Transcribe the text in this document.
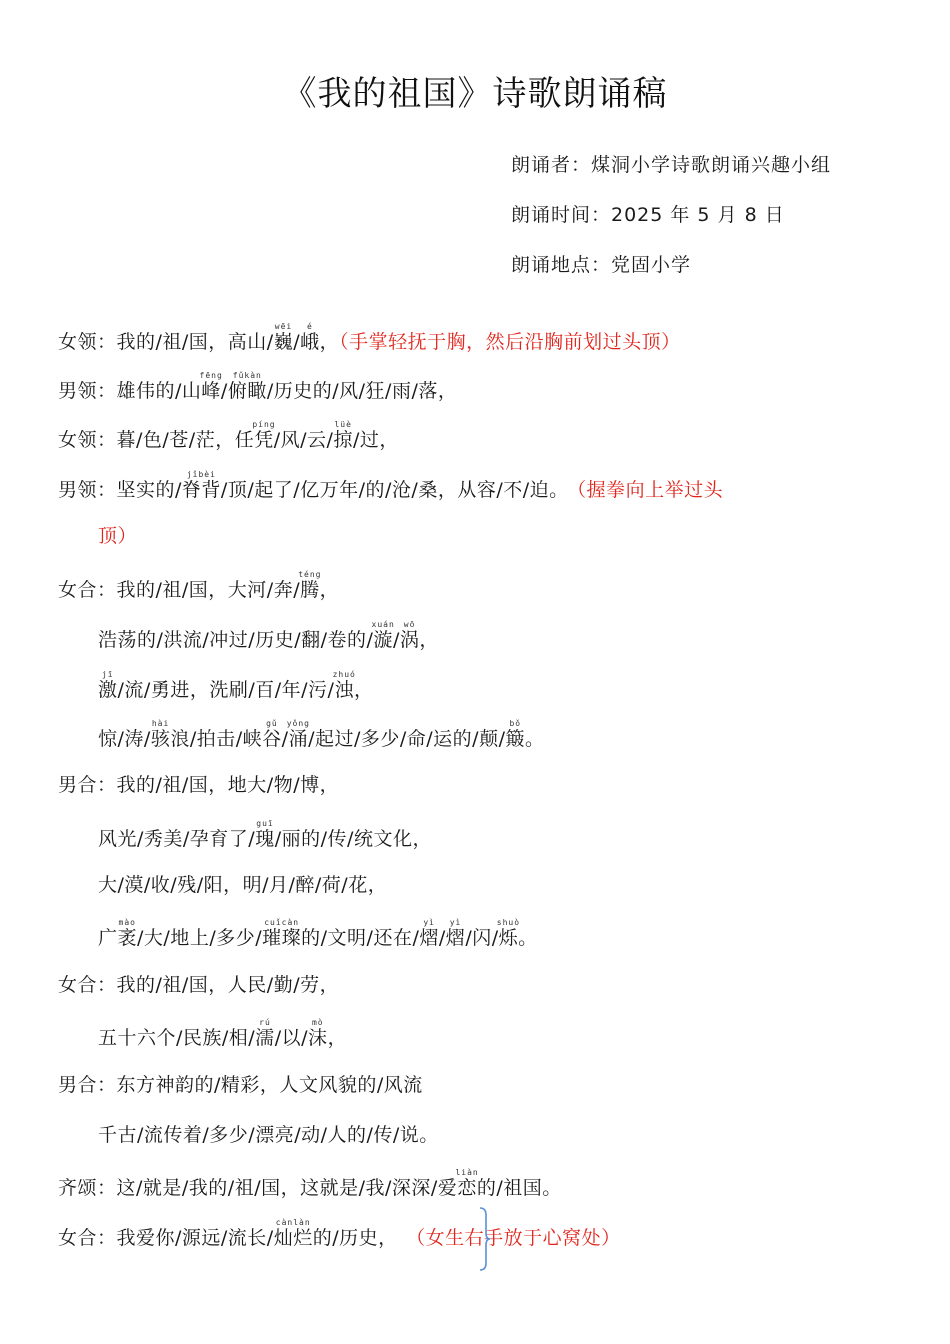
《我的祖国》诗歌朗诵稿
朗诵者：煤洞小学诗歌朗诵兴趣小组
朗诵时间：2025 年 5 月 8 日
朗诵地点：党固小学
女领：我的/祖/国，高山/巍wēi/峨é，（手掌轻抚于胸，然后沿胸前划过头顶）
男领：雄伟的/山峰fēng/俯瞰fǔkàn/历史的/风/狂/雨/落，
女领：暮/色/苍/茫，任凭píng/风/云/掠lüè/过，
男领：坚实的/脊背jǐbèi/顶/起了/亿万年/的/沧/桑，从容/不/迫。 （握拳向上举过头
顶）
女合：我的/祖/国，大河/奔/腾téng，
浩荡的/洪流/冲过/历史/翻/卷的/漩xuán/涡wō，
激jī/流/勇进，洗刷/百/年/污/浊zhuó，
惊/涛/骇hài浪/拍击/峡谷gǔ/涌yǒng/起过/多少/命/运的/颠/簸bǒ。
男合：我的/祖/国，地大/物/博，
风光/秀美/孕育了/瑰guī/丽的/传/统文化，
大/漠/收/残/阳，明/月/醉/荷/花，
广袤mào/大/地上/多少/璀璨cuǐcàn的/文明/还在/熠yì/熠yì/闪/烁shuò。
女合：我的/祖/国，人民/勤/劳，
五十六个/民族/相/濡rú/以/沫mò，
男合：东方神韵的/精彩，人文风貌的/风流
千古/流传着/多少/漂亮/动/人的/传/说。
齐颂：这/就是/我的/祖/国，这就是/我/深深/爱恋liàn的/祖国。
女合：我爱你/源远/流长/灿烂cànlàn的/历史， （女生右手放于心窝处）
